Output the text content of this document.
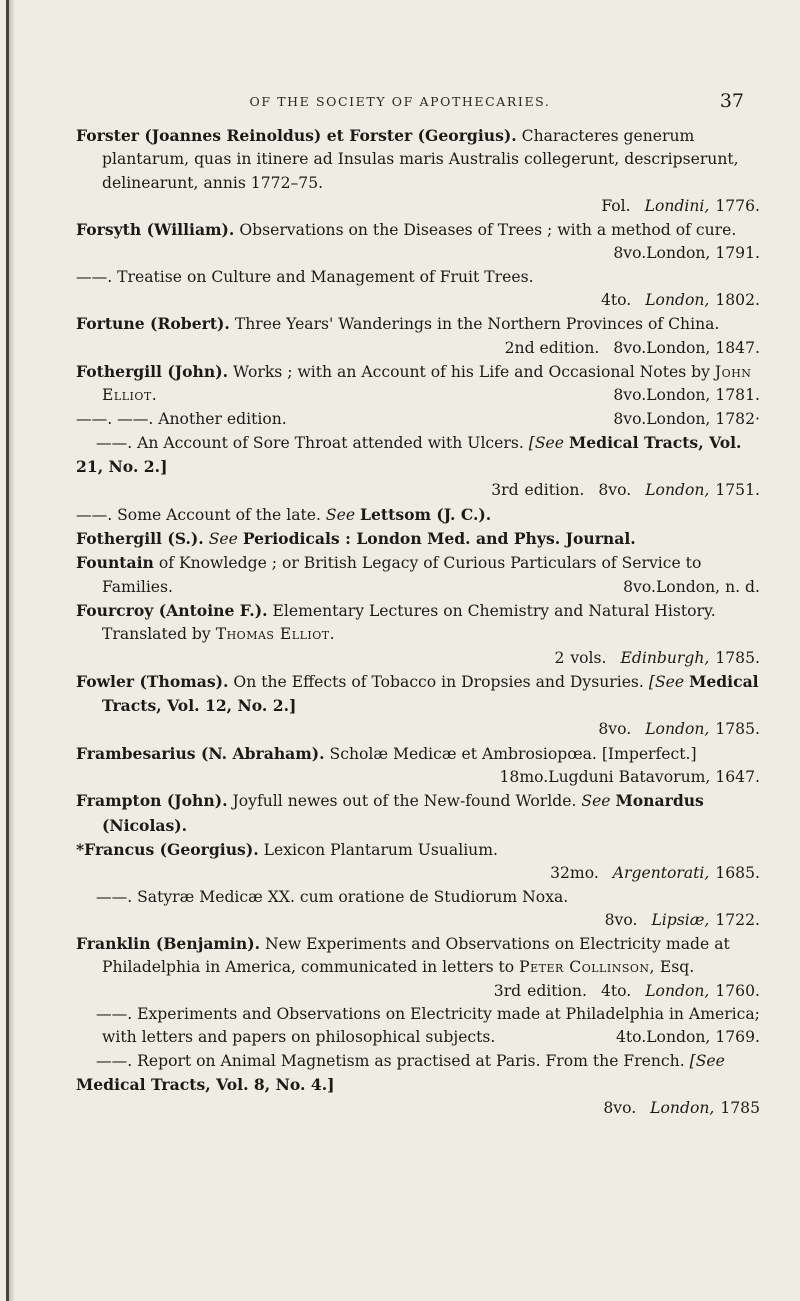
OF THE SOCIETY OF APOTHECARIES.	37
Forster (Joannes Reinoldus) et Forster (Georgius). Characteres generum plantarum, quas in itinere ad Insulas maris Australis collegerunt, descripserunt, delinearunt, annis 1772–75.
Fol. Londini, 1776.
Forsyth (William). Observations on the Diseases of Trees ; with a method of cure.
8vo.London, 1791.
——. Treatise on Culture and Management of Fruit Trees.
4to. London, 1802.
Fortune (Robert). Three Years' Wanderings in the Northern Provinces of China.
2nd edition. 8vo.London, 1847.
Fothergill (John). Works ; with an Account of his Life and Occasional Notes by John Elliot.	8vo.London, 1781.
——. ——. Another edition.	8vo.London, 1782·
——. An Account of Sore Throat attended with Ulcers. [See Medical Tracts, Vol. 21, No. 2.]
3rd edition. 8vo. London, 1751.
——. Some Account of the late. See Lettsom (J. C.).
Fothergill (S.). See Periodicals : London Med. and Phys. Journal.
Fountain of Knowledge ; or British Legacy of Curious Particulars of Service to Families.	8vo.London, n. d.
Fourcroy (Antoine F.). Elementary Lectures on Chemistry and Natural History. Translated by Thomas Elliot.
2 vols. Edinburgh, 1785.
Fowler (Thomas). On the Effects of Tobacco in Dropsies and Dysuries. [See Medical Tracts, Vol. 12, No. 2.]
8vo. London, 1785.
Frambesarius (N. Abraham). Scholæ Medicæ et Ambrosiopœa. [Imperfect.]
18mo.Lugduni Batavorum, 1647.
Frampton (John). Joyfull newes out of the New-found Worlde. See Monardus (Nicolas).
*Francus (Georgius). Lexicon Plantarum Usualium.
32mo. Argentorati, 1685.
——. Satyræ Medicæ XX. cum oratione de Studiorum Noxa.
8vo. Lipsiæ, 1722.
Franklin (Benjamin). New Experiments and Observations on Electricity made at Philadelphia in America, communicated in letters to Peter Collinson, Esq.
3rd edition. 4to. London, 1760.
——. Experiments and Observations on Electricity made at Philadelphia in America; with letters and papers on philosophical subjects.	4to.London, 1769.
——. Report on Animal Magnetism as practised at Paris. From the French. [See Medical Tracts, Vol. 8, No. 4.]
8vo. London, 1785
